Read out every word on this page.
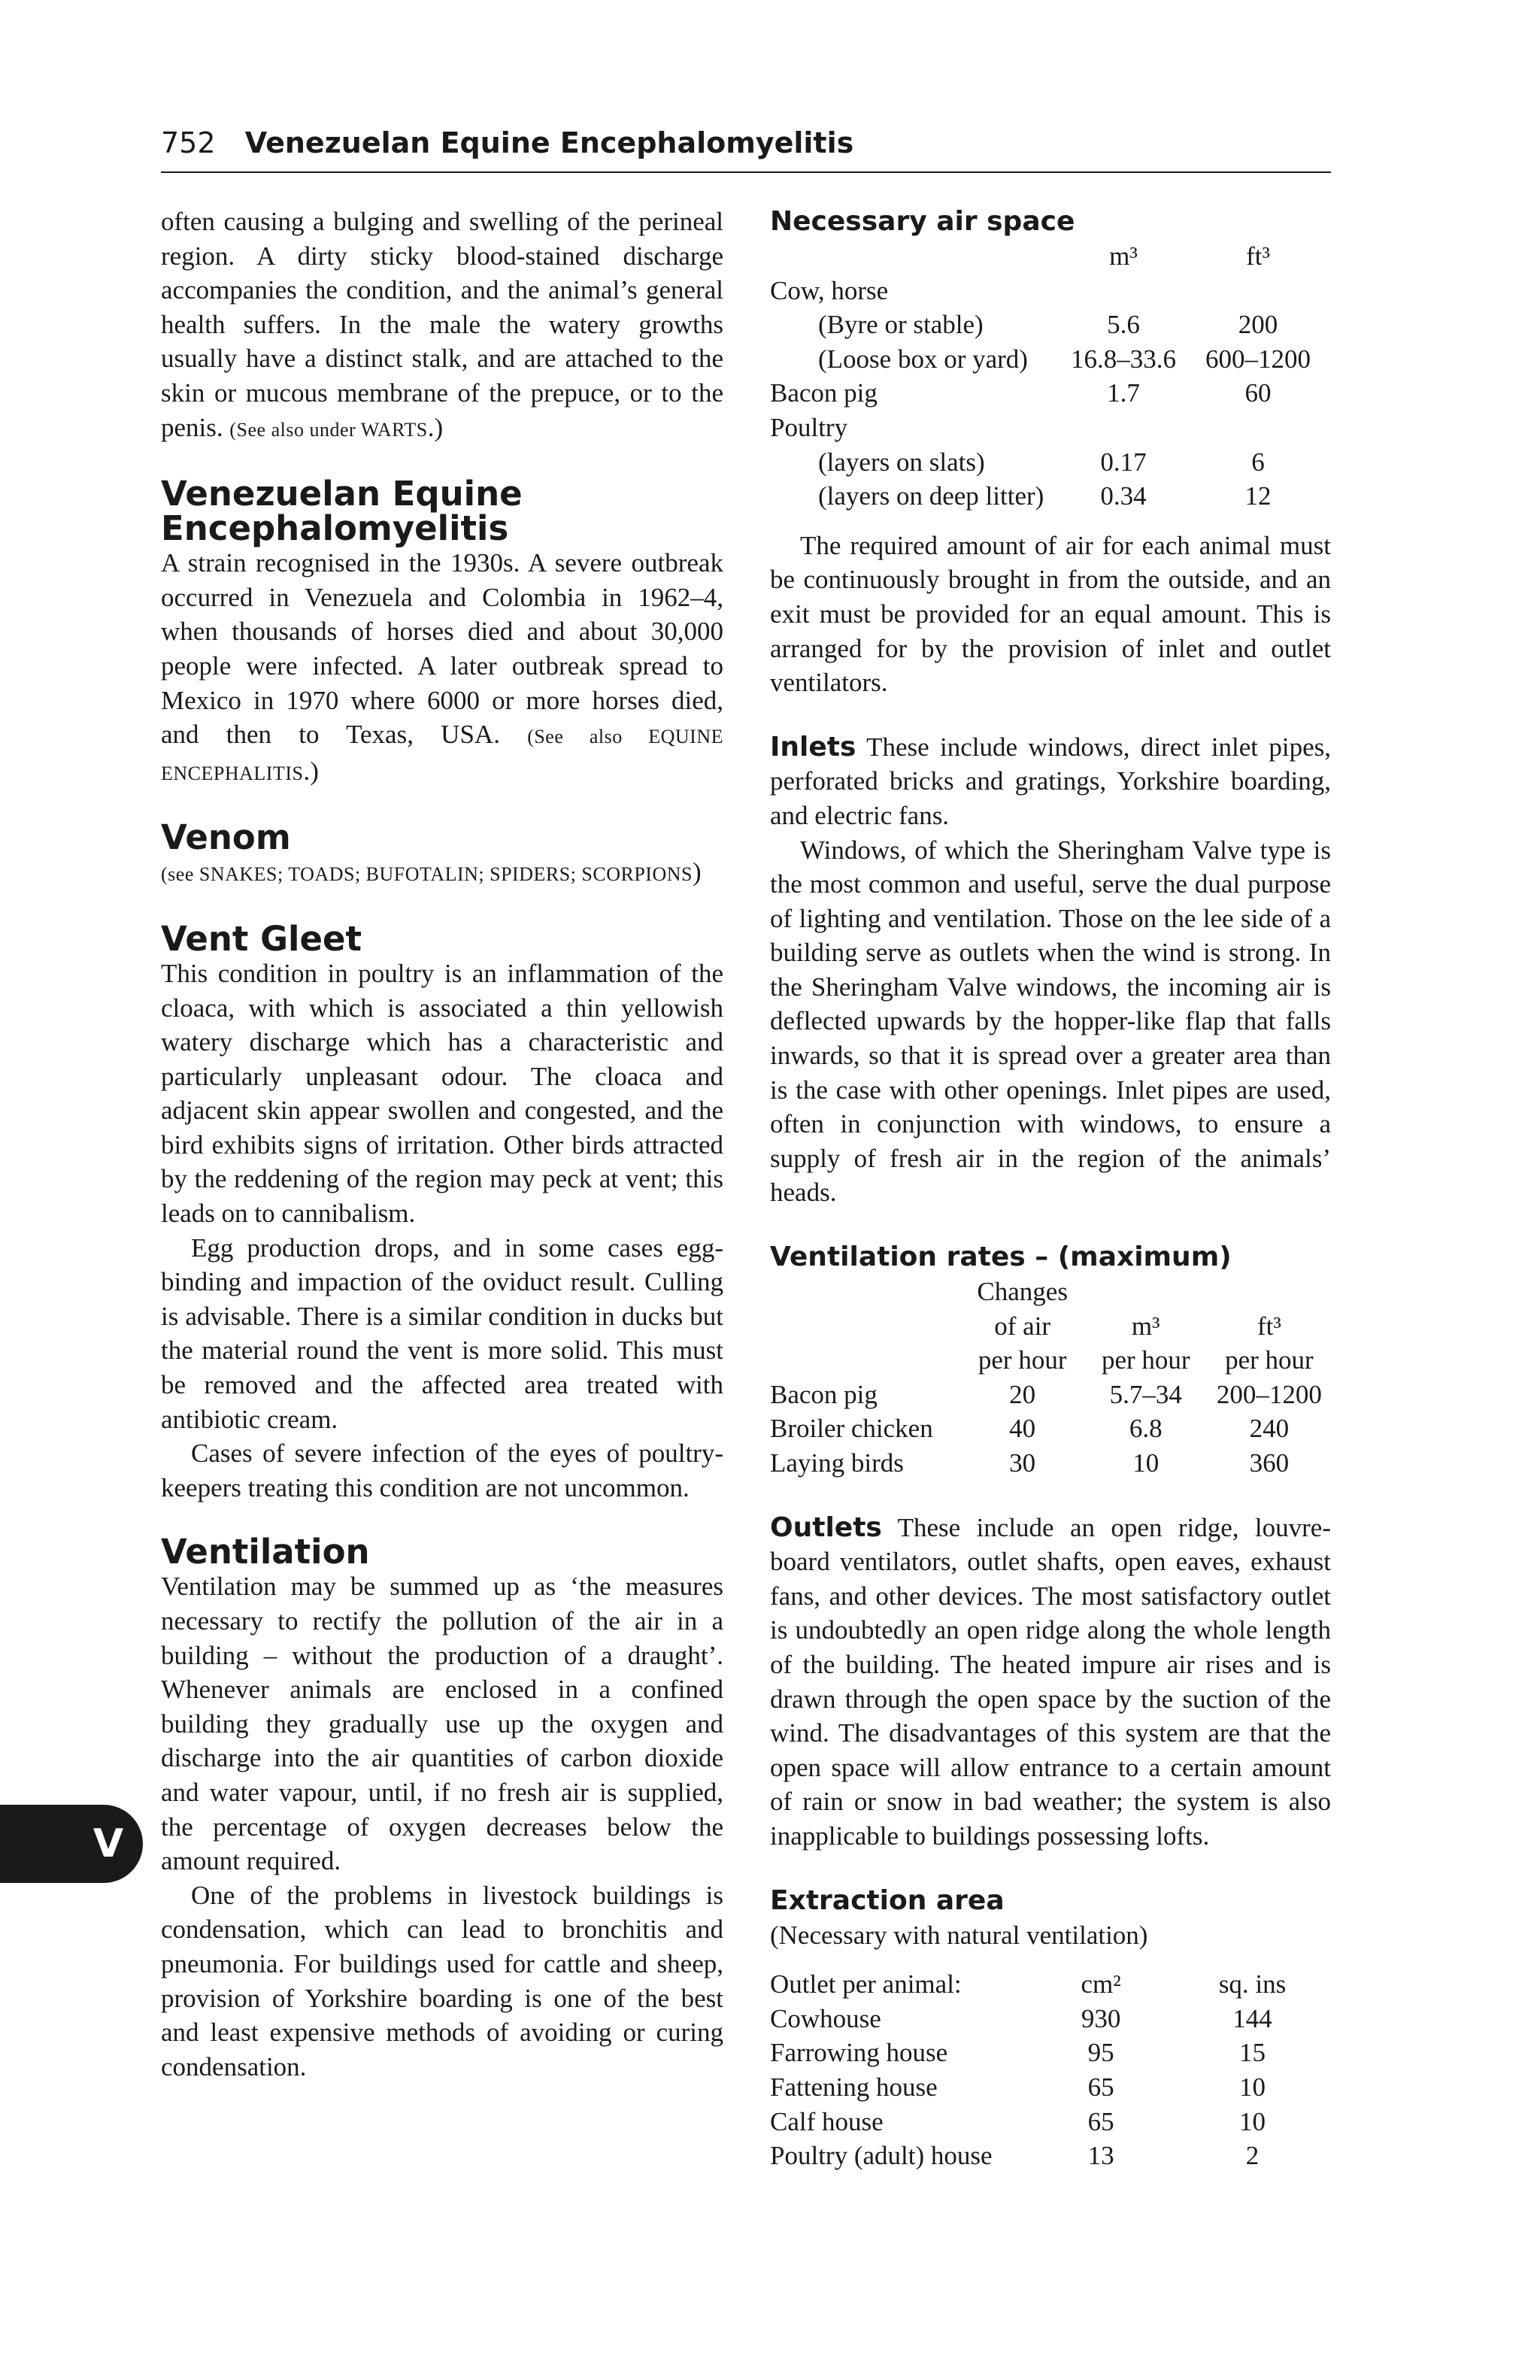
752 Venezuelan Equine Encephalomyelitis

often causing a bulging and swelling of the perineal region. A dirty sticky blood-stained discharge accompanies the condition, and the animal’s general health suffers. In the male the watery growths usually have a distinct stalk, and are attached to the skin or mucous membrane of the prepuce, or to the penis. (See also under WARTS.)

Venezuelan Equine Encephalomyelitis

A strain recognised in the 1930s. A severe outbreak occurred in Venezuela and Colombia in 1962–4, when thousands of horses died and about 30,000 people were infected. A later outbreak spread to Mexico in 1970 where 6000 or more horses died, and then to Texas, USA. (See also EQUINE ENCEPHALITIS.)

Venom

(see SNAKES; TOADS; BUFOTALIN; SPIDERS; SCORPIONS)

Vent Gleet

This condition in poultry is an inflammation of the cloaca, with which is associated a thin yellowish watery discharge which has a characteristic and particularly unpleasant odour. The cloaca and adjacent skin appear swollen and congested, and the bird exhibits signs of irritation. Other birds attracted by the reddening of the region may peck at vent; this leads on to cannibalism.

Egg production drops, and in some cases egg-binding and impaction of the oviduct result. Culling is advisable. There is a similar condition in ducks but the material round the vent is more solid. This must be removed and the affected area treated with antibiotic cream.

Cases of severe infection of the eyes of poultry-keepers treating this condition are not uncommon.

Ventilation

Ventilation may be summed up as ‘the measures necessary to rectify the pollution of the air in a building – without the production of a draught’. Whenever animals are enclosed in a confined building they gradually use up the oxygen and discharge into the air quantities of carbon dioxide and water vapour, until, if no fresh air is supplied, the percentage of oxygen decreases below the amount required.

One of the problems in livestock buildings is condensation, which can lead to bronchitis and pneumonia. For buildings used for cattle and sheep, provision of Yorkshire boarding is one of the best and least expensive methods of avoiding or curing condensation.

Necessary air space
	m³	ft³
Cow, horse		
(Byre or stable)	5.6	200
(Loose box or yard)	16.8–33.6	600–1200
Bacon pig	1.7	60
Poultry		
(layers on slats)	0.17	6
(layers on deep litter)	0.34	12

The required amount of air for each animal must be continuously brought in from the outside, and an exit must be provided for an equal amount. This is arranged for by the provision of inlet and outlet ventilators.

Inlets These include windows, direct inlet pipes, perforated bricks and gratings, Yorkshire boarding, and electric fans.

Windows, of which the Sheringham Valve type is the most common and useful, serve the dual purpose of lighting and ventilation. Those on the lee side of a building serve as outlets when the wind is strong. In the Sheringham Valve windows, the incoming air is deflected upwards by the hopper-like flap that falls inwards, so that it is spread over a greater area than is the case with other openings. Inlet pipes are used, often in conjunction with windows, to ensure a supply of fresh air in the region of the animals’ heads.

Ventilation rates – (maximum)
	Changes		
	of air	m³	ft³
	per hour	per hour	per hour
Bacon pig	20	5.7–34	200–1200
Broiler chicken	40	6.8	240
Laying birds	30	10	360

Outlets These include an open ridge, louvre-board ventilators, outlet shafts, open eaves, exhaust fans, and other devices. The most satisfactory outlet is undoubtedly an open ridge along the whole length of the building. The heated impure air rises and is drawn through the open space by the suction of the wind. The disadvantages of this system are that the open space will allow entrance to a certain amount of rain or snow in bad weather; the system is also inapplicable to buildings possessing lofts.

Extraction area

(Necessary with natural ventilation)

Outlet per animal:	cm²	sq. ins
Cowhouse	930	144
Farrowing house	95	15
Fattening house	65	10
Calf house	65	10
Poultry (adult) house	13	2
V
